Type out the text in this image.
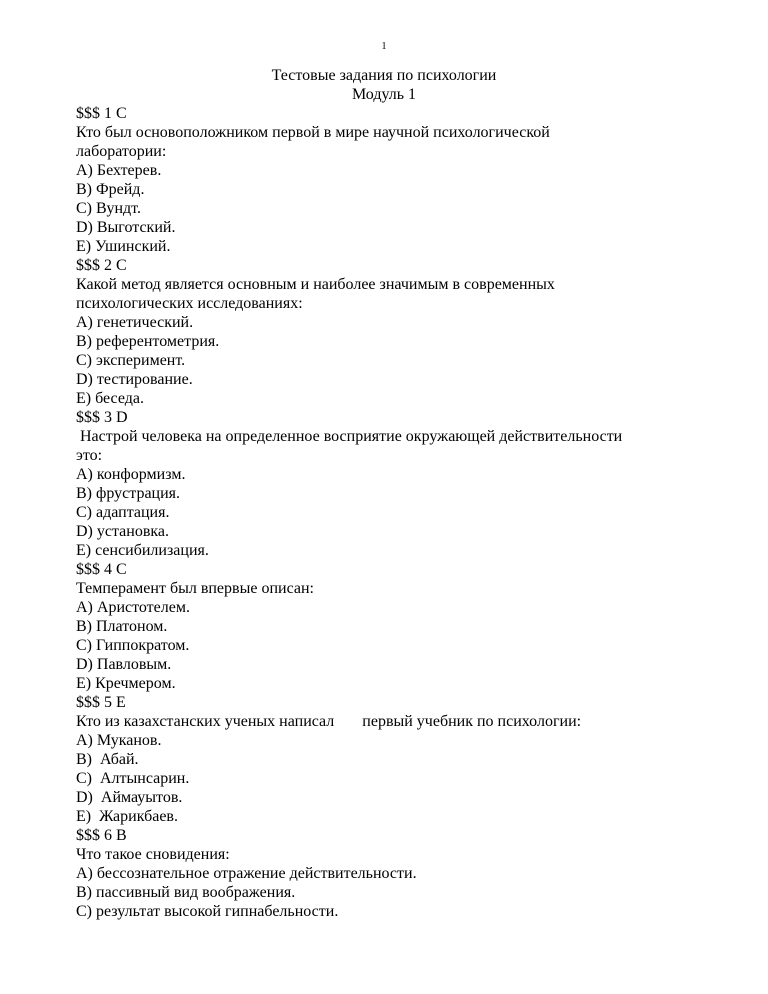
1
Тестовые задания по психологии
Модуль 1
$$$ 1 C
Кто был основоположником первой в мире научной психологической
лаборатории:
A) Бехтерев.
B) Фрейд.
C) Вундт.
D) Выготский.
E) Ушинский.
$$$ 2 C
Какой метод является основным и наиболее значимым в современных
психологических исследованиях:
A) генетический.
B) референтометрия.
C) эксперимент.
D) тестирование.
E) беседа.
$$$ 3 D
Настрой человека на определенное восприятие окружающей действительности
это:
A) конформизм.
B) фрустрация.
C) адаптация.
D) установка.
E) сенсибилизация.
$$$ 4 C
Темперамент был впервые описан:
A) Аристотелем.
B) Платоном.
C) Гиппократом.
D) Павловым.
E) Кречмером.
$$$ 5 E
Кто из казахстанских ученых написал       первый учебник по психологии:
A) Муканов.
B)  Абай.
C)  Алтынсарин.
D)  Аймауытов.
E)  Жарикбаев.
$$$ 6 B
Что такое сновидения:
A) бессознательное отражение действительности.
B) пассивный вид воображения.
C) результат высокой гипнабельности.
